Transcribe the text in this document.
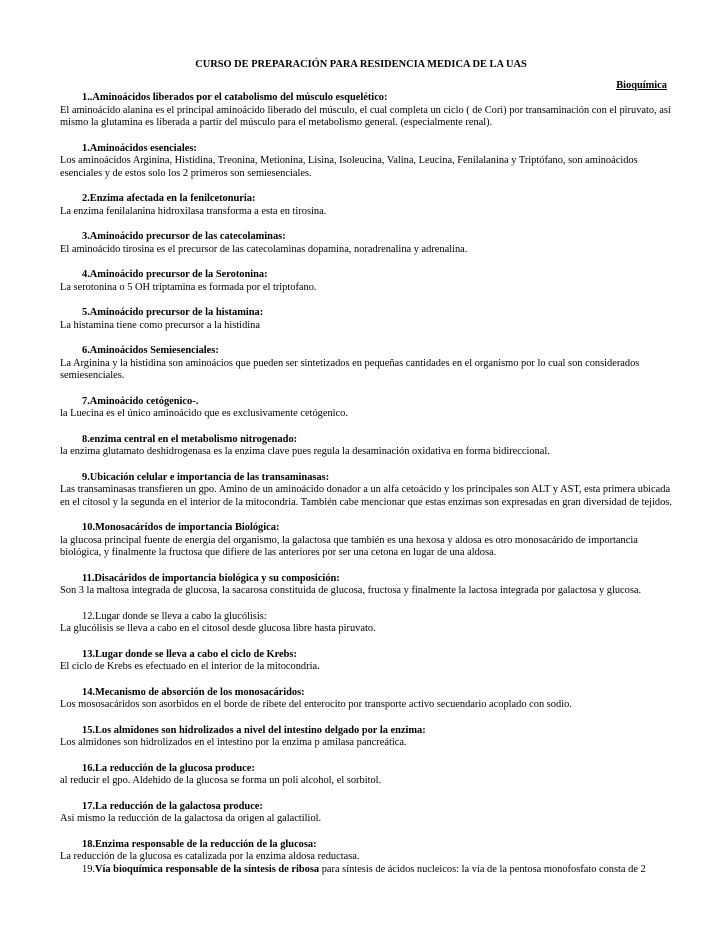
CURSO DE PREPARACIÓN PARA RESIDENCIA MEDICA DE LA UAS

Bioquímica

1..Aminoácidos liberados por el catabolismo del músculo esquelético:

El aminoácido alanina es el principal aminoácido liberado del músculo, el cual completa un ciclo ( de Cori) por transaminación con el piruvato, así mismo la glutamina es liberada a partir del músculo para el metabolismo general. (especialmente renal).

1.Aminoácidos esenciales:

Los aminoácidos Arginina, Histidina, Treonina, Metionina, Lisina, Isoleucina, Valina, Leucina, Fenilalanina y Triptófano, son aminoácidos esenciales y de estos solo los 2 primeros son semiesenciales.

2.Enzima afectada en la fenilcetonuria:

La enzima fenilalanina hidroxilasa transforma a esta en tirosina.

3.Aminoácido precursor de las catecolaminas:

El aminoácido tirosina es el precursor de las catecolaminas dopamina, noradrenalina y adrenalina.

4.Aminoácido precursor de la Serotonina:

La serotonina o 5 OH triptamina es formada por el triptofano.

5.Aminoácido precursor de la histamina:

La histamina tiene como precursor a la histidina

6.Aminoácidos Semiesenciales:

La Arginina y la histidina son aminoácios que pueden ser sintetizados en pequeñas cantidades en el organismo por lo cual son considerados semiesenciales.

7.Aminoácido cetógenico-.

la Luecina es el único aminoácido que es exclusivamente cetógenico.

8.enzima central en el metabolismo nitrogenado:

la enzima glutamato deshidrogenasa es la enzima clave pues regula la desaminación oxidativa en forma bidireccional.

9.Ubicación celular e importancia de las transaminasas:

Las transaminasas transfieren un gpo. Amino de un aminoácido donador a un alfa cetoácido y los principales son ALT y AST, esta primera ubicada en el citosol y la segunda en el interior de la mitocondria. También cabe mencionar que estas enzimas son expresadas en gran diversidad de tejidos.

10.Monosacáridos de importancia Biológica:

la glucosa principal fuente de energía del organismo, la galactosa que también es una hexosa y aldosa es otro monosacárido de importancia biológica, y finalmente la fructosa que difiere de las anteriores por ser una cetona en lugar de una aldosa.

11.Disacáridos de importancia biológica y su composición:

Son 3 la maltosa integrada de glucosa, la sacarosa constituida de glucosa, fructosa y finalmente la lactosa integrada por galactosa y glucosa.

12.Lugar donde se lleva a cabo la glucólisis:

La glucólisis se lleva a cabo en el citosol desde glucosa libre hasta piruvato.

13.Lugar donde se lleva a cabo el ciclo de Krebs:

El ciclo de Krebs es efectuado en el interior de la mitocondria.

14.Mecanismo de absorción de los monosacáridos:

Los mososacáridos son asorbidos en el borde de ribete del enterocito por transporte activo secuendario acoplado con sodio.

15.Los almidones son hidrolizados a nivel del intestino delgado por la enzima:

Los almidones son hidrolizados en el intestino por la enzima p amilasa pancreática.

16.La reducción de la glucosa produce:

al reducir el gpo. Aldehido de la glucosa se forma un poli alcohol, el sorbitol.

17.La reducción de la galactosa produce:

Así mismo la reducción de la galactosa da origen al galactiliol.

18.Enzima responsable de la reducción de la glucosa:

La reducción de la glucosa es catalizada por la enzima aldosa reductasa.

19.Vía bioquímica responsable de la síntesis de ribosa para síntesis de ácidos nucleicos: la vía de la pentosa monofosfato consta de 2
